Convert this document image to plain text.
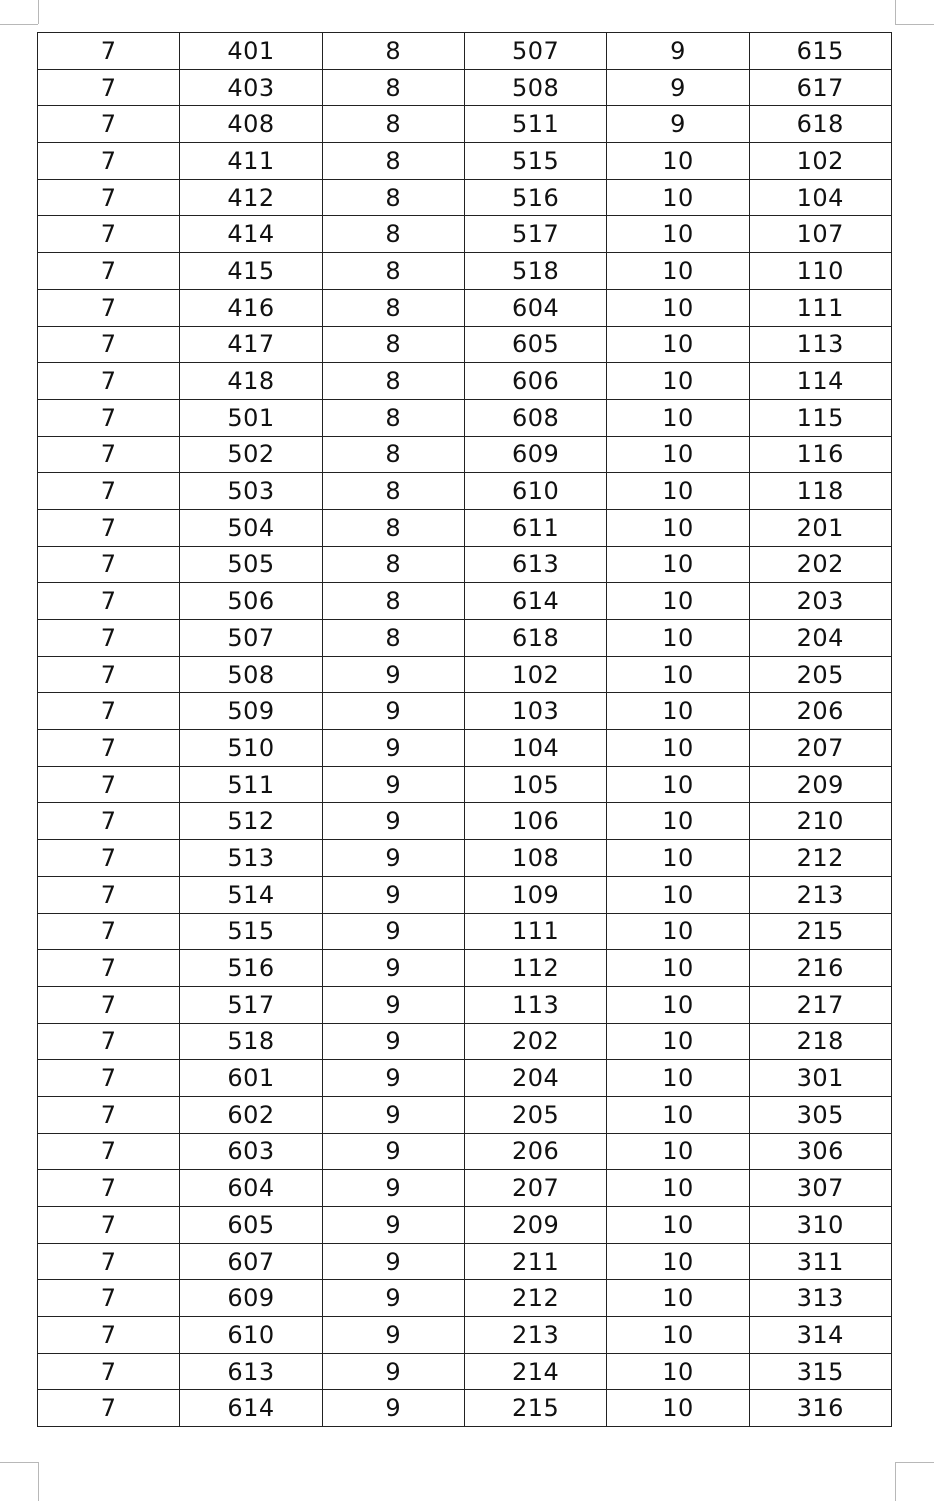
7	401	8	507	9	615
7	403	8	508	9	617
7	408	8	511	9	618
7	411	8	515	10	102
7	412	8	516	10	104
7	414	8	517	10	107
7	415	8	518	10	110
7	416	8	604	10	111
7	417	8	605	10	113
7	418	8	606	10	114
7	501	8	608	10	115
7	502	8	609	10	116
7	503	8	610	10	118
7	504	8	611	10	201
7	505	8	613	10	202
7	506	8	614	10	203
7	507	8	618	10	204
7	508	9	102	10	205
7	509	9	103	10	206
7	510	9	104	10	207
7	511	9	105	10	209
7	512	9	106	10	210
7	513	9	108	10	212
7	514	9	109	10	213
7	515	9	111	10	215
7	516	9	112	10	216
7	517	9	113	10	217
7	518	9	202	10	218
7	601	9	204	10	301
7	602	9	205	10	305
7	603	9	206	10	306
7	604	9	207	10	307
7	605	9	209	10	310
7	607	9	211	10	311
7	609	9	212	10	313
7	610	9	213	10	314
7	613	9	214	10	315
7	614	9	215	10	316
